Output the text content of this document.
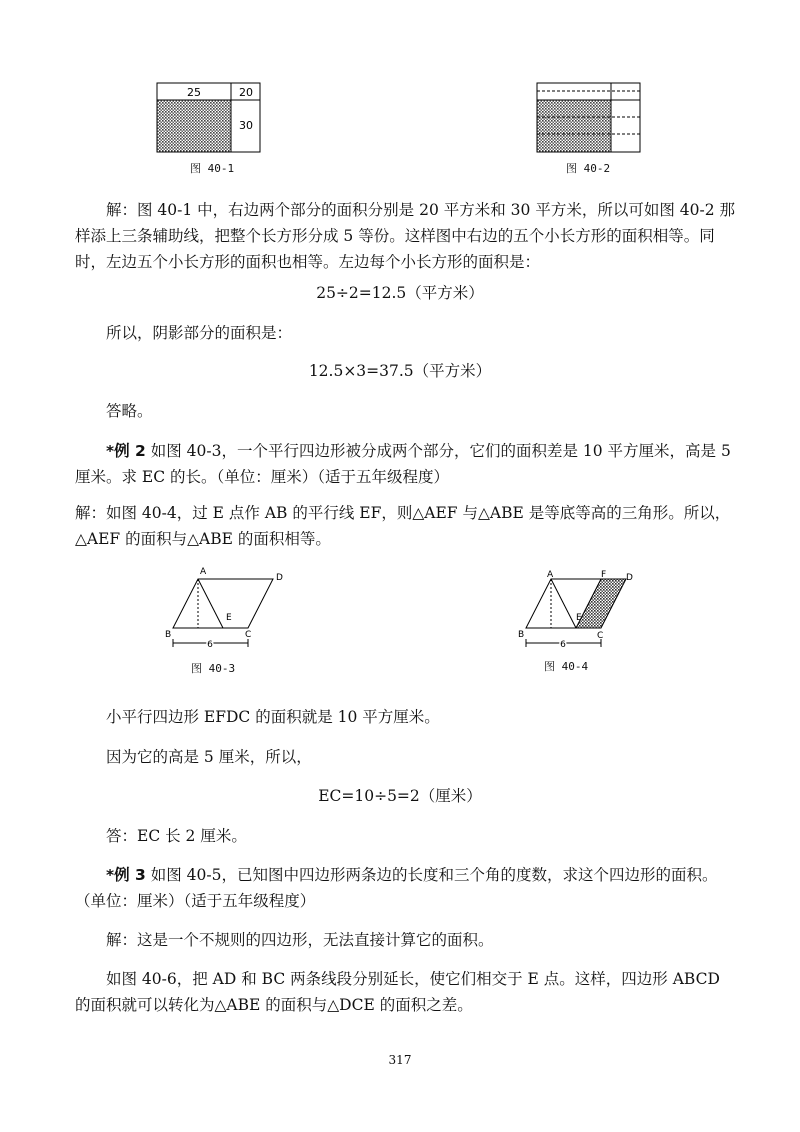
25	20
30
图 40-1	图 40-2
解：图 40-1 中，右边两个部分的面积分别是 20 平方米和 30 平方米，所以可如图 40-2 那样添上三条辅助线，把整个长方形分成 5 等份。这样图中右边的五个小长方形的面积相等。同时，左边五个小长方形的面积也相等。左边每个小长方形的面积是：
25÷2=12.5（平方米）
所以，阴影部分的面积是：
12.5×3=37.5（平方米）
答略。
*例 2 如图 40-3，一个平行四边形被分成两个部分，它们的面积差是 10 平方厘米，高是 5 厘米。求 EC 的长。（单位：厘米）（适于五年级程度）
解：如图 40-4，过 E 点作 AB 的平行线 EF，则△AEF 与△ABE 是等底等高的三角形。所以，△AEF 的面积与△ABE 的面积相等。
A
D
B	C
E
6
图 40-3
A	F D
B	C
E
6
图 40-4
小平行四边形 EFDC 的面积就是 10 平方厘米。
因为它的高是 5 厘米，所以，
EC=10÷5=2（厘米）
答：EC 长 2 厘米。
*例 3 如图 40-5，已知图中四边形两条边的长度和三个角的度数，求这个四边形的面积。（单位：厘米）（适于五年级程度）
解：这是一个不规则的四边形，无法直接计算它的面积。
如图 40-6，把 AD 和 BC 两条线段分别延长，使它们相交于 E 点。这样，四边形 ABCD 的面积就可以转化为△ABE 的面积与△DCE 的面积之差。
317
